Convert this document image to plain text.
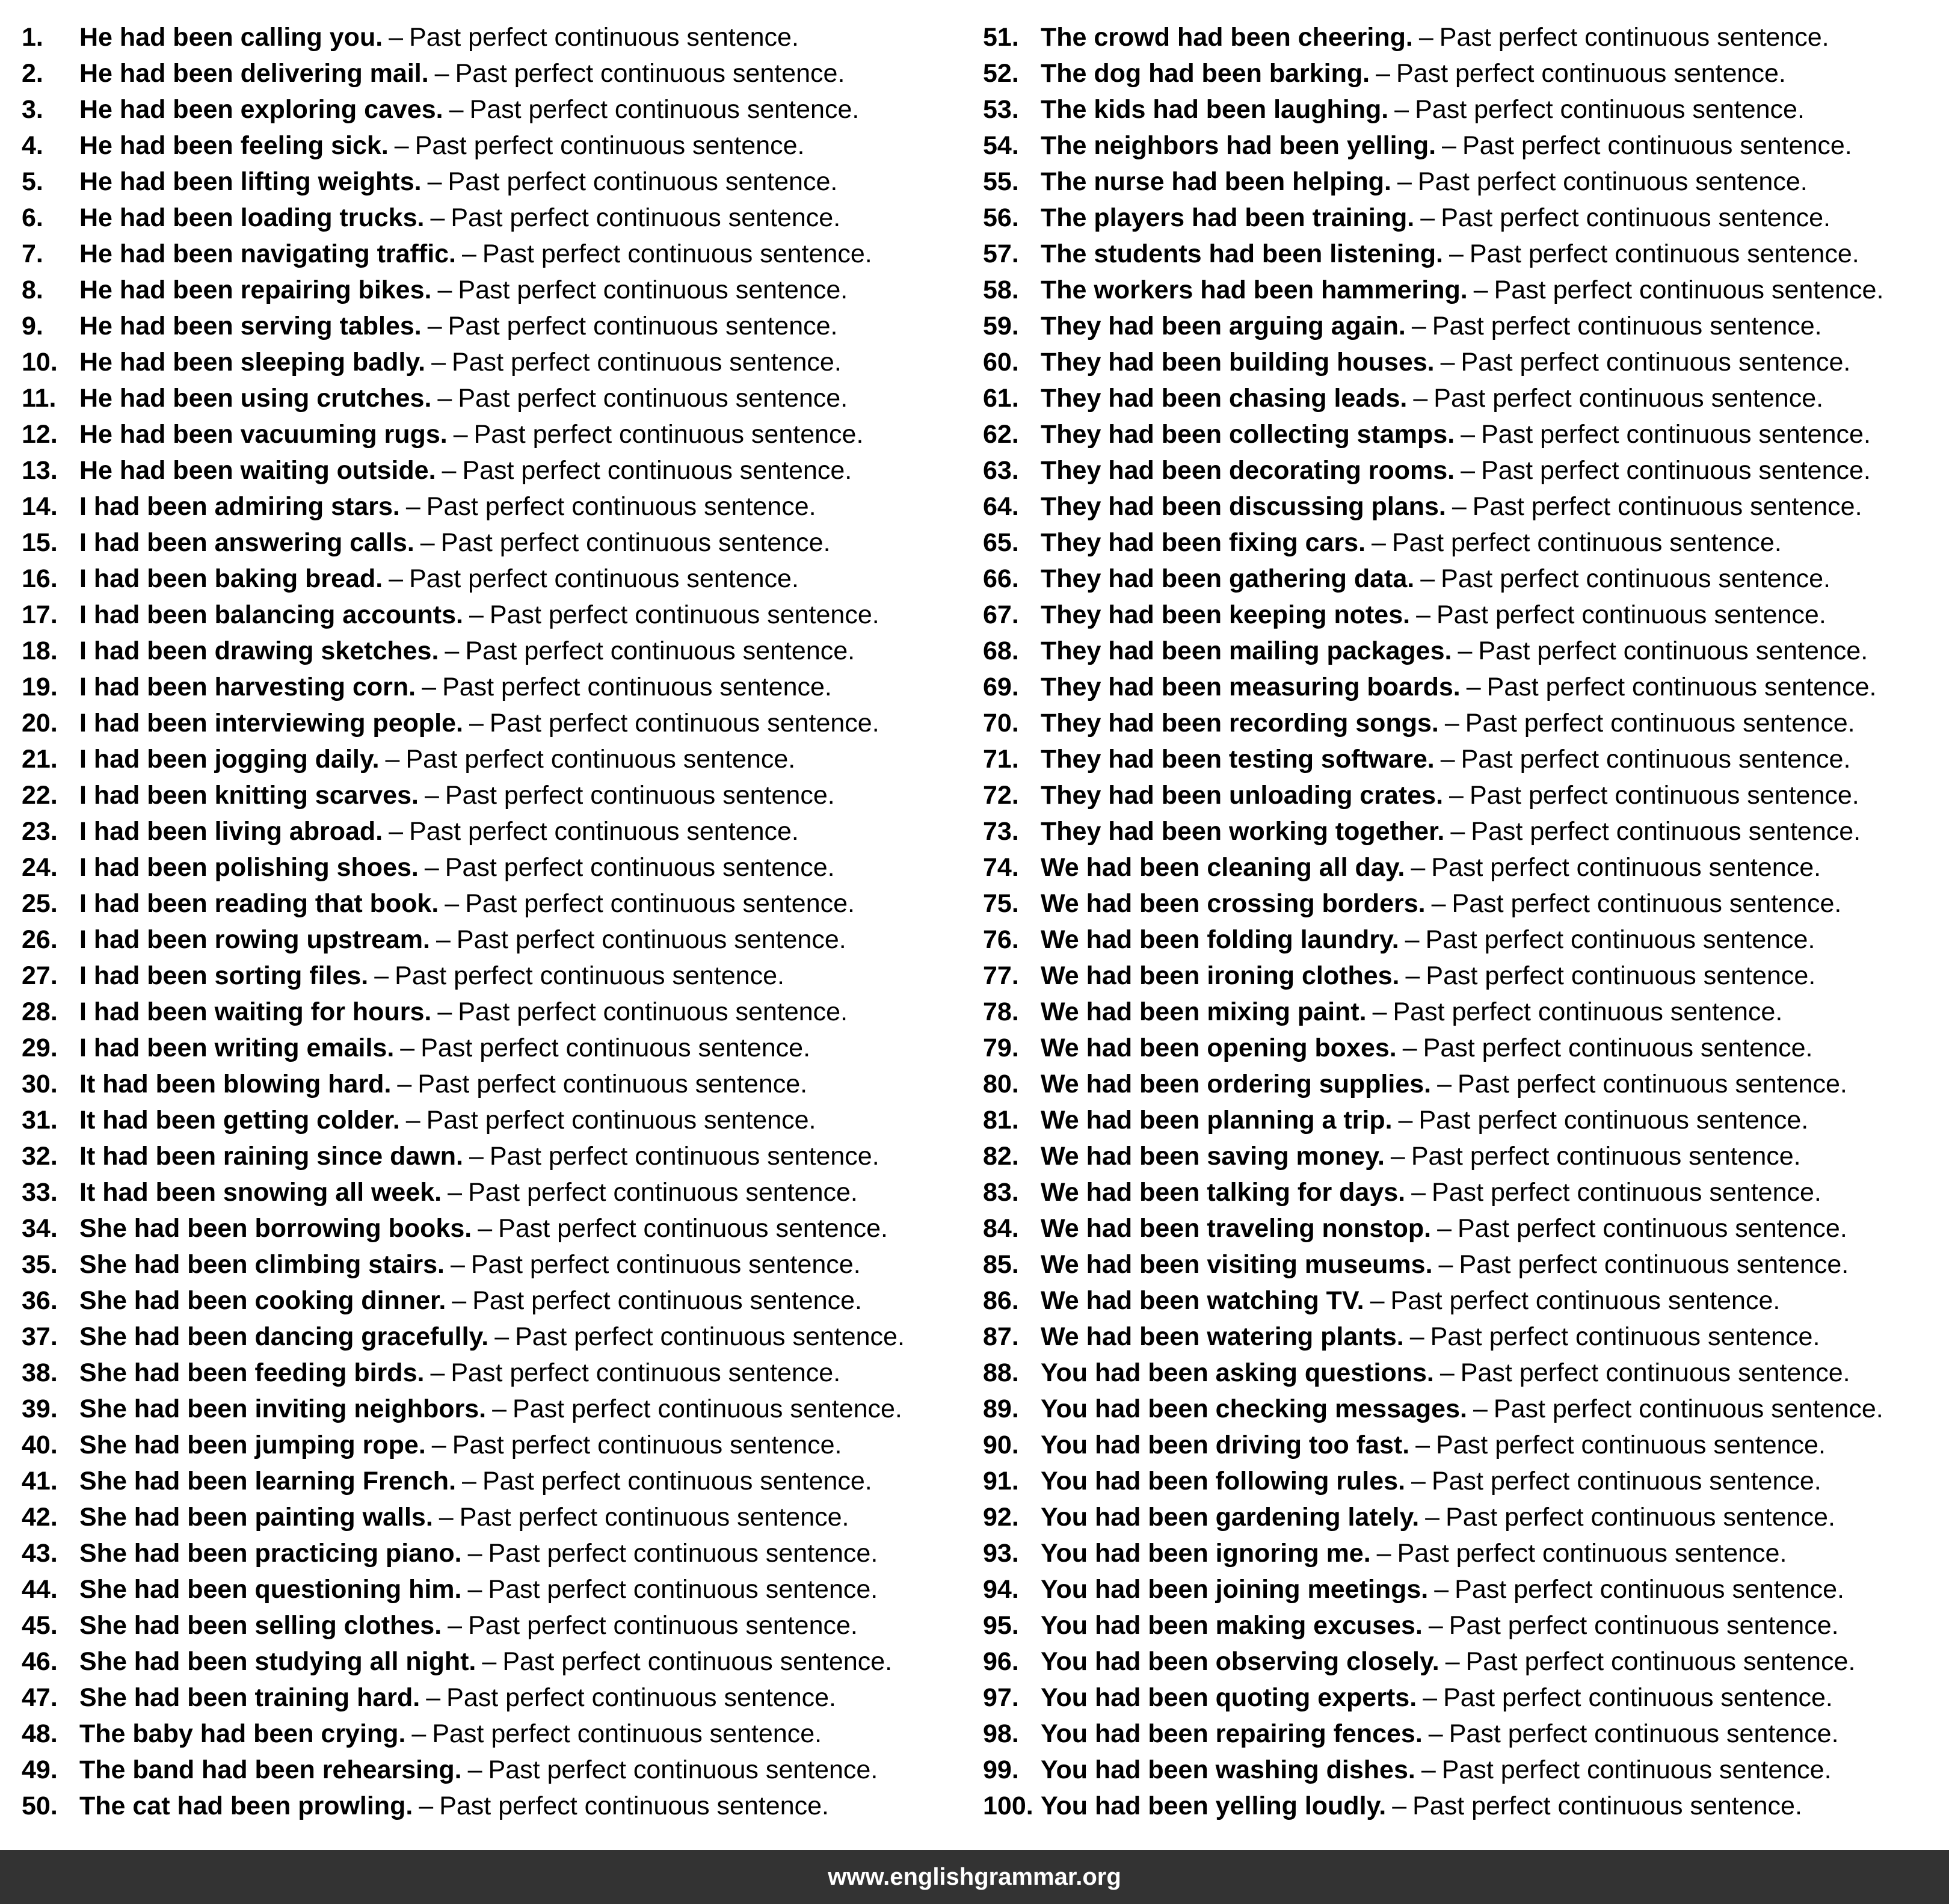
1. He had been calling you. – Past perfect continuous sentence.
2. He had been delivering mail. – Past perfect continuous sentence.
3. He had been exploring caves. – Past perfect continuous sentence.
4. He had been feeling sick. – Past perfect continuous sentence.
5. He had been lifting weights. – Past perfect continuous sentence.
6. He had been loading trucks. – Past perfect continuous sentence.
7. He had been navigating traffic. – Past perfect continuous sentence.
8. He had been repairing bikes. – Past perfect continuous sentence.
9. He had been serving tables. – Past perfect continuous sentence.
10. He had been sleeping badly. – Past perfect continuous sentence.
11. He had been using crutches. – Past perfect continuous sentence.
12. He had been vacuuming rugs. – Past perfect continuous sentence.
13. He had been waiting outside. – Past perfect continuous sentence.
14. I had been admiring stars. – Past perfect continuous sentence.
15. I had been answering calls. – Past perfect continuous sentence.
16. I had been baking bread. – Past perfect continuous sentence.
17. I had been balancing accounts. – Past perfect continuous sentence.
18. I had been drawing sketches. – Past perfect continuous sentence.
19. I had been harvesting corn. – Past perfect continuous sentence.
20. I had been interviewing people. – Past perfect continuous sentence.
21. I had been jogging daily. – Past perfect continuous sentence.
22. I had been knitting scarves. – Past perfect continuous sentence.
23. I had been living abroad. – Past perfect continuous sentence.
24. I had been polishing shoes. – Past perfect continuous sentence.
25. I had been reading that book. – Past perfect continuous sentence.
26. I had been rowing upstream. – Past perfect continuous sentence.
27. I had been sorting files. – Past perfect continuous sentence.
28. I had been waiting for hours. – Past perfect continuous sentence.
29. I had been writing emails. – Past perfect continuous sentence.
30. It had been blowing hard. – Past perfect continuous sentence.
31. It had been getting colder. – Past perfect continuous sentence.
32. It had been raining since dawn. – Past perfect continuous sentence.
33. It had been snowing all week. – Past perfect continuous sentence.
34. She had been borrowing books. – Past perfect continuous sentence.
35. She had been climbing stairs. – Past perfect continuous sentence.
36. She had been cooking dinner. – Past perfect continuous sentence.
37. She had been dancing gracefully. – Past perfect continuous sentence.
38. She had been feeding birds. – Past perfect continuous sentence.
39. She had been inviting neighbors. – Past perfect continuous sentence.
40. She had been jumping rope. – Past perfect continuous sentence.
41. She had been learning French. – Past perfect continuous sentence.
42. She had been painting walls. – Past perfect continuous sentence.
43. She had been practicing piano. – Past perfect continuous sentence.
44. She had been questioning him. – Past perfect continuous sentence.
45. She had been selling clothes. – Past perfect continuous sentence.
46. She had been studying all night. – Past perfect continuous sentence.
47. She had been training hard. – Past perfect continuous sentence.
48. The baby had been crying. – Past perfect continuous sentence.
49. The band had been rehearsing. – Past perfect continuous sentence.
50. The cat had been prowling. – Past perfect continuous sentence.
51. The crowd had been cheering. – Past perfect continuous sentence.
52. The dog had been barking. – Past perfect continuous sentence.
53. The kids had been laughing. – Past perfect continuous sentence.
54. The neighbors had been yelling. – Past perfect continuous sentence.
55. The nurse had been helping. – Past perfect continuous sentence.
56. The players had been training. – Past perfect continuous sentence.
57. The students had been listening. – Past perfect continuous sentence.
58. The workers had been hammering. – Past perfect continuous sentence.
59. They had been arguing again. – Past perfect continuous sentence.
60. They had been building houses. – Past perfect continuous sentence.
61. They had been chasing leads. – Past perfect continuous sentence.
62. They had been collecting stamps. – Past perfect continuous sentence.
63. They had been decorating rooms. – Past perfect continuous sentence.
64. They had been discussing plans. – Past perfect continuous sentence.
65. They had been fixing cars. – Past perfect continuous sentence.
66. They had been gathering data. – Past perfect continuous sentence.
67. They had been keeping notes. – Past perfect continuous sentence.
68. They had been mailing packages. – Past perfect continuous sentence.
69. They had been measuring boards. – Past perfect continuous sentence.
70. They had been recording songs. – Past perfect continuous sentence.
71. They had been testing software. – Past perfect continuous sentence.
72. They had been unloading crates. – Past perfect continuous sentence.
73. They had been working together. – Past perfect continuous sentence.
74. We had been cleaning all day. – Past perfect continuous sentence.
75. We had been crossing borders. – Past perfect continuous sentence.
76. We had been folding laundry. – Past perfect continuous sentence.
77. We had been ironing clothes. – Past perfect continuous sentence.
78. We had been mixing paint. – Past perfect continuous sentence.
79. We had been opening boxes. – Past perfect continuous sentence.
80. We had been ordering supplies. – Past perfect continuous sentence.
81. We had been planning a trip. – Past perfect continuous sentence.
82. We had been saving money. – Past perfect continuous sentence.
83. We had been talking for days. – Past perfect continuous sentence.
84. We had been traveling nonstop. – Past perfect continuous sentence.
85. We had been visiting museums. – Past perfect continuous sentence.
86. We had been watching TV. – Past perfect continuous sentence.
87. We had been watering plants. – Past perfect continuous sentence.
88. You had been asking questions. – Past perfect continuous sentence.
89. You had been checking messages. – Past perfect continuous sentence.
90. You had been driving too fast. – Past perfect continuous sentence.
91. You had been following rules. – Past perfect continuous sentence.
92. You had been gardening lately. – Past perfect continuous sentence.
93. You had been ignoring me. – Past perfect continuous sentence.
94. You had been joining meetings. – Past perfect continuous sentence.
95. You had been making excuses. – Past perfect continuous sentence.
96. You had been observing closely. – Past perfect continuous sentence.
97. You had been quoting experts. – Past perfect continuous sentence.
98. You had been repairing fences. – Past perfect continuous sentence.
99. You had been washing dishes. – Past perfect continuous sentence.
100. You had been yelling loudly. – Past perfect continuous sentence.
www.englishgrammar.org
